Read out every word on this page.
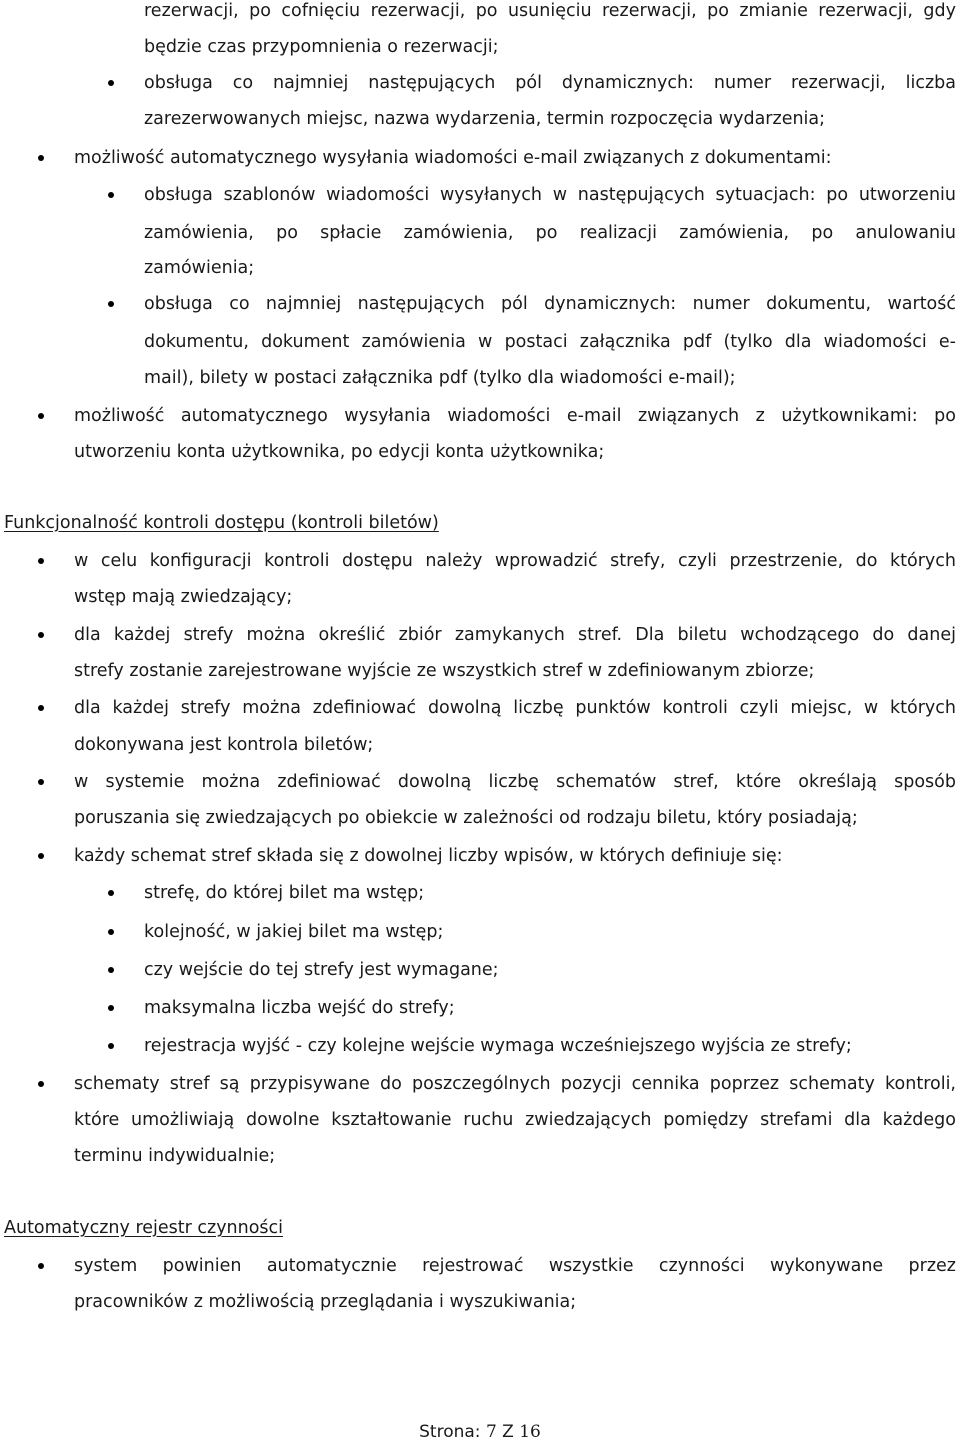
rezerwacji, po cofnięciu rezerwacji, po usunięciu rezerwacji, po zmianie rezerwacji, gdy
będzie czas przypomnienia o rezerwacji;
obsługa co najmniej następujących pól dynamicznych: numer rezerwacji, liczba
zarezerwowanych miejsc, nazwa wydarzenia, termin rozpoczęcia wydarzenia;
możliwość automatycznego wysyłania wiadomości e-mail związanych z dokumentami:
obsługa szablonów wiadomości wysyłanych w następujących sytuacjach: po utworzeniu
zamówienia, po spłacie zamówienia, po realizacji zamówienia, po anulowaniu
zamówienia;
obsługa co najmniej następujących pól dynamicznych: numer dokumentu, wartość
dokumentu, dokument zamówienia w postaci załącznika pdf (tylko dla wiadomości e-
mail), bilety w postaci załącznika pdf (tylko dla wiadomości e-mail);
możliwość automatycznego wysyłania wiadomości e-mail związanych z użytkownikami: po
utworzeniu konta użytkownika, po edycji konta użytkownika;
Funkcjonalność kontroli dostępu (kontroli biletów)
w celu konfiguracji kontroli dostępu należy wprowadzić strefy, czyli przestrzenie, do których
wstęp mają zwiedzający;
dla każdej strefy można określić zbiór zamykanych stref. Dla biletu wchodzącego do danej
strefy zostanie zarejestrowane wyjście ze wszystkich stref w zdefiniowanym zbiorze;
dla każdej strefy można zdefiniować dowolną liczbę punktów kontroli czyli miejsc, w których
dokonywana jest kontrola biletów;
w systemie można zdefiniować dowolną liczbę schematów stref, które określają sposób
poruszania się zwiedzających po obiekcie w zależności od rodzaju biletu, który posiadają;
każdy schemat stref składa się z dowolnej liczby wpisów, w których definiuje się:
strefę, do której bilet ma wstęp;
kolejność, w jakiej bilet ma wstęp;
czy wejście do tej strefy jest wymagane;
maksymalna liczba wejść do strefy;
rejestracja wyjść - czy kolejne wejście wymaga wcześniejszego wyjścia ze strefy;
schematy stref są przypisywane do poszczególnych pozycji cennika poprzez schematy kontroli,
które umożliwiają dowolne kształtowanie ruchu zwiedzających pomiędzy strefami dla każdego
terminu indywidualnie;
Automatyczny rejestr czynności
system powinien automatycznie rejestrować wszystkie czynności wykonywane przez
pracowników z możliwością przeglądania i wyszukiwania;
Strona: 7 Z 16
